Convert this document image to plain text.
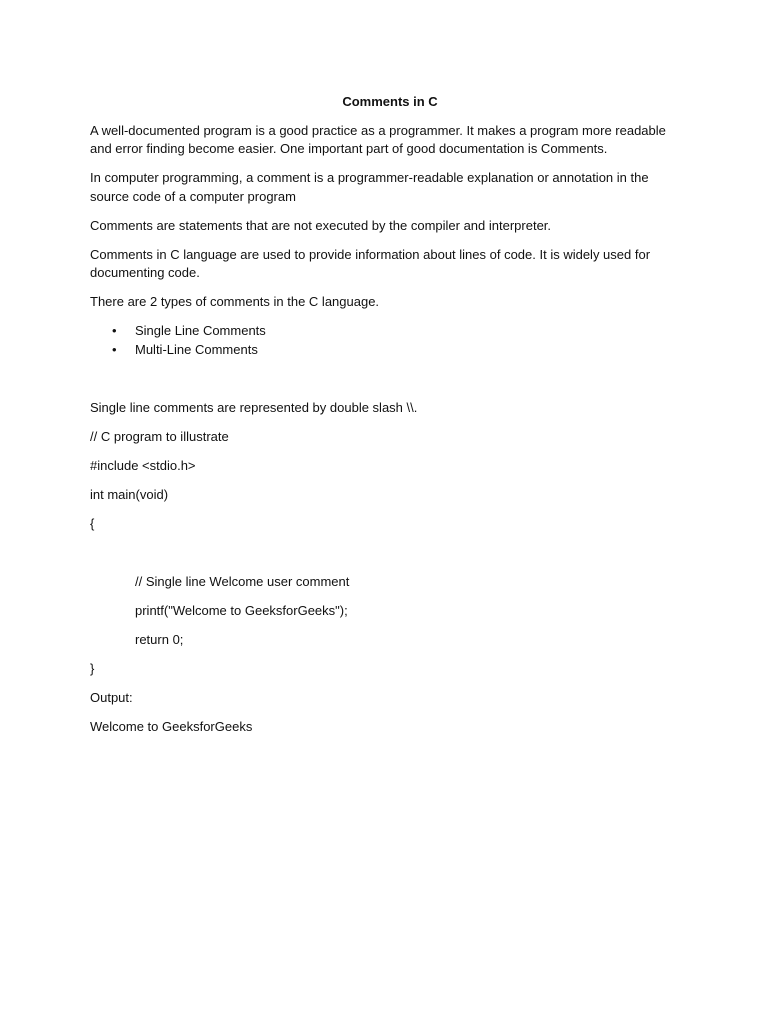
Comments in C

A well-documented program is a good practice as a programmer. It makes a program more readable and error finding become easier. One important part of good documentation is Comments.

In computer programming, a comment is a programmer-readable explanation or annotation in the source code of a computer program

Comments are statements that are not executed by the compiler and interpreter.

Comments in C language are used to provide information about lines of code. It is widely used for documenting code.

There are 2 types of comments in the C language.

• Single Line Comments
• Multi-Line Comments

Single line comments are represented by double slash \\.

// C program to illustrate

#include <stdio.h>

int main(void)

{

// Single line Welcome user comment

printf("Welcome to GeeksforGeeks");

return 0;

}

Output:

Welcome to GeeksforGeeks
